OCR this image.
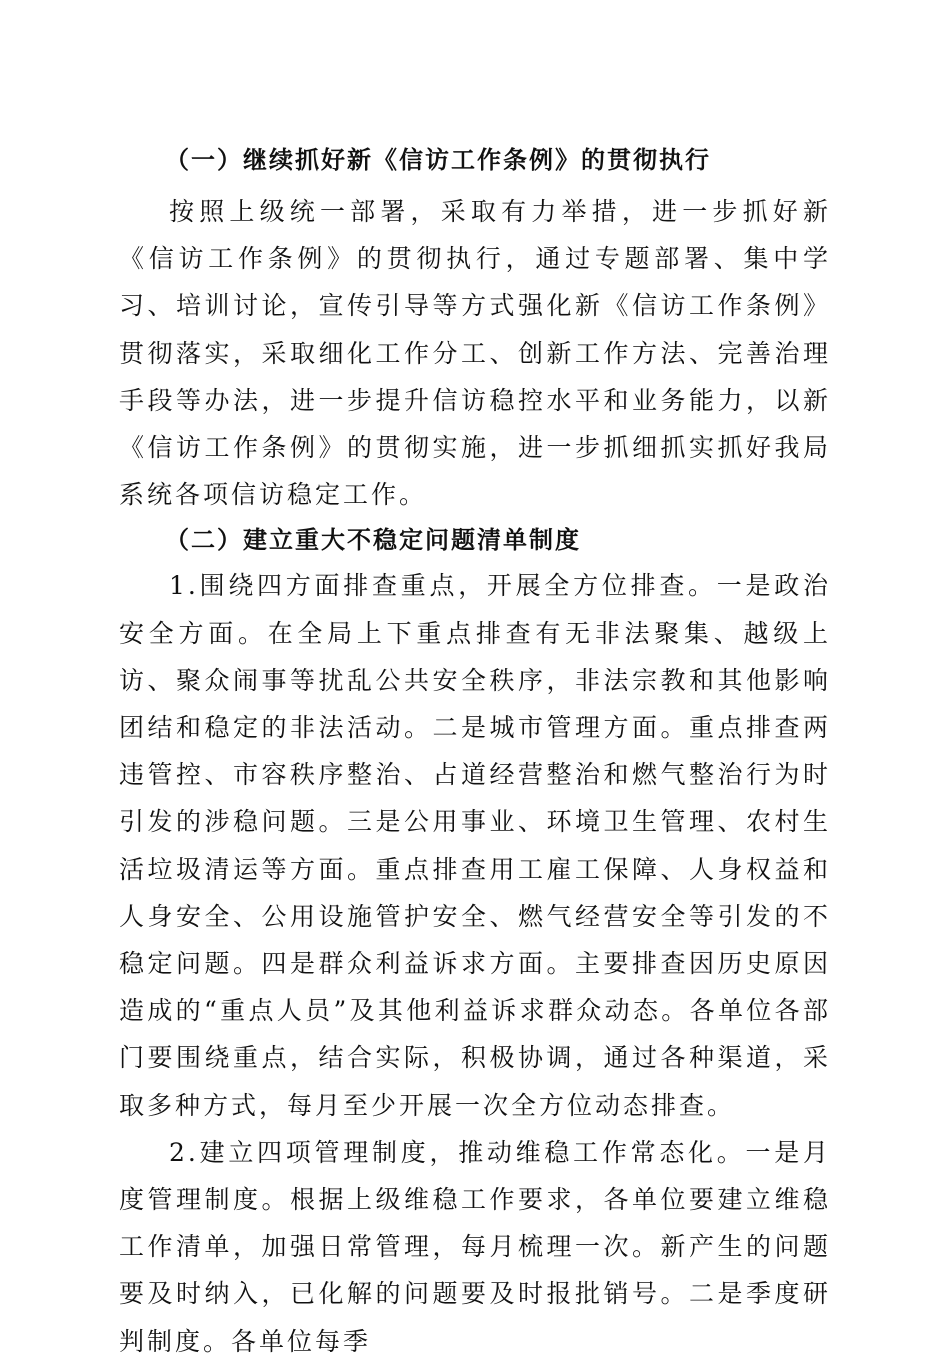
（一）继续抓好新《信访工作条例》的贯彻执行

按照上级统一部署，采取有力举措，进一步抓好新《信访工作条例》的贯彻执行，通过专题部署、集中学习、培训讨论，宣传引导等方式强化新《信访工作条例》贯彻落实，采取细化工作分工、创新工作方法、完善治理手段等办法，进一步提升信访稳控水平和业务能力，以新《信访工作条例》的贯彻实施，进一步抓细抓实抓好我局系统各项信访稳定工作。

（二）建立重大不稳定问题清单制度

1.围绕四方面排查重点，开展全方位排查。一是政治安全方面。在全局上下重点排查有无非法聚集、越级上访、聚众闹事等扰乱公共安全秩序，非法宗教和其他影响团结和稳定的非法活动。二是城市管理方面。重点排查两违管控、市容秩序整治、占道经营整治和燃气整治行为时引发的涉稳问题。三是公用事业、环境卫生管理、农村生活垃圾清运等方面。重点排查用工雇工保障、人身权益和人身安全、公用设施管护安全、燃气经营安全等引发的不稳定问题。四是群众利益诉求方面。主要排查因历史原因造成的“重点人员”及其他利益诉求群众动态。各单位各部门要围绕重点，结合实际，积极协调，通过各种渠道，采取多种方式，每月至少开展一次全方位动态排查。

2.建立四项管理制度，推动维稳工作常态化。一是月度管理制度。根据上级维稳工作要求，各单位要建立维稳工作清单，加强日常管理，每月梳理一次。新产生的问题要及时纳入，已化解的问题要及时报批销号。二是季度研判制度。各单位每季
